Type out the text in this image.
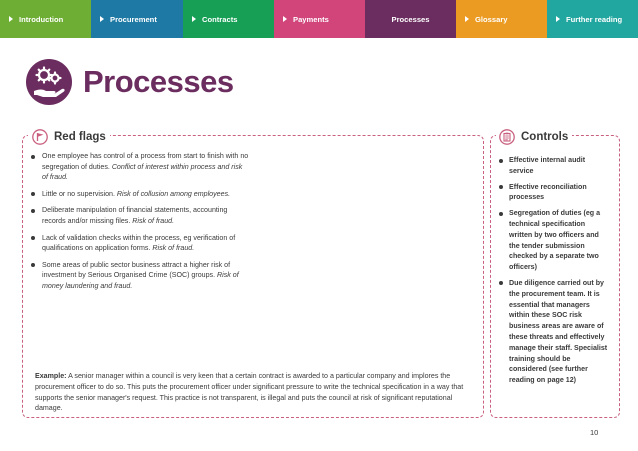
Introduction	Procurement	Contracts	Payments	Processes	Glossary	Further reading
Processes
Red flags	Controls
One employee has control of a process from start to finish with no segregation of duties. Conflict of interest within process and risk of fraud.
Little or no supervision. Risk of collusion among employees.
Deliberate manipulation of financial statements, accounting records and/or missing files. Risk of fraud.
Lack of validation checks within the process, eg verification of qualifications on application forms. Risk of fraud.
Some areas of public sector business attract a higher risk of investment by Serious Organised Crime (SOC) groups. Risk of money laundering and fraud.
Effective internal audit service
Effective reconciliation processes
Segregation of duties (eg a technical specification written by two officers and the tender submission checked by a separate two officers)
Due diligence carried out by the procurement team. It is essential that managers within these SOC risk business areas are aware of these threats and effectively manage their staff. Specialist training should be considered (see further reading on page 12)
Example: A senior manager within a council is very keen that a certain contract is awarded to a particular company and implores the procurement officer to do so. This puts the procurement officer under significant pressure to write the technical specification in a way that supports the senior manager's request. This practice is not transparent, is illegal and puts the council at risk of significant reputational damage.
10
